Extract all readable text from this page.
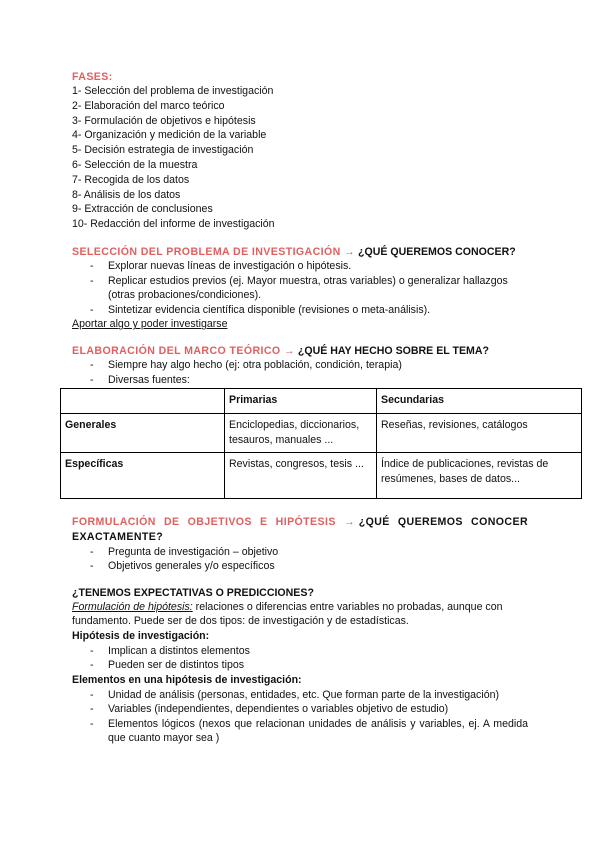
FASES:
1- Selección del problema de investigación
2- Elaboración del marco teórico
3- Formulación de objetivos e hipótesis
4- Organización y medición de la variable
5- Decisión estrategia de investigación
6- Selección de la muestra
7- Recogida de los datos
8- Análisis de los datos
9- Extracción de conclusiones
10- Redacción del informe de investigación
SELECCIÓN DEL PROBLEMA DE INVESTIGACIÓN → ¿QUÉ QUEREMOS CONOCER?
- Explorar nuevas líneas de investigación o hipótesis.
- Replicar estudios previos (ej. Mayor muestra, otras variables) o generalizar hallazgos (otras probaciones/condiciones).
- Sintetizar evidencia científica disponible (revisiones o meta-análisis).
Aportar algo y poder investigarse
ELABORACIÓN DEL MARCO TEÓRICO → ¿QUÉ HAY HECHO SOBRE EL TEMA?
- Siempre hay algo hecho (ej: otra población, condición, terapia)
- Diversas fuentes:
	Primarias	Secundarias
Generales	Enciclopedias, diccionarios, tesauros, manuales ...	Reseñas, revisiones, catálogos
Específicas	Revistas, congresos, tesis ...	Índice de publicaciones, revistas de resúmenes, bases de datos...
FORMULACIÓN DE OBJETIVOS E HIPÓTESIS → ¿QUÉ QUEREMOS CONOCER EXACTAMENTE?
- Pregunta de investigación – objetivo
- Objetivos generales y/o específicos
¿TENEMOS EXPECTATIVAS O PREDICCIONES?
Formulación de hipótesis: relaciones o diferencias entre variables no probadas, aunque con fundamento. Puede ser de dos tipos: de investigación y de estadísticas.
Hipótesis de investigación:
- Implican a distintos elementos
- Pueden ser de distintos tipos
Elementos en una hipótesis de investigación:
- Unidad de análisis (personas, entidades, etc. Que forman parte de la investigación)
- Variables (independientes, dependientes o variables objetivo de estudio)
- Elementos lógicos (nexos que relacionan unidades de análisis y variables, ej. A medida que cuanto mayor sea )
